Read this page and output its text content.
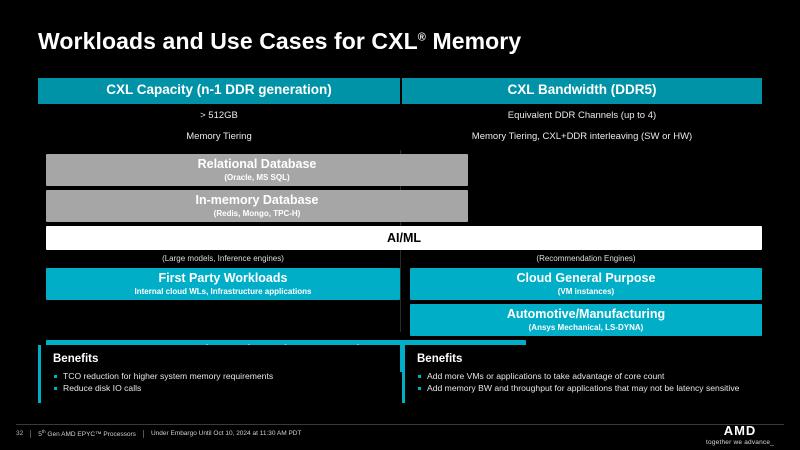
Workloads and Use Cases for CXL® Memory
CXL Capacity (n-1 DDR generation)	CXL Bandwidth (DDR5)
> 512GB	Equivalent DDR Channels (up to 4)
Memory Tiering	Memory Tiering, CXL+DDR interleaving (SW or HW)
Relational Database
(Oracle, MS SQL)
In-memory Database
(Redis, Mongo, TPC-H)
AI/ML
(Large models, Inference engines)	(Recommendation Engines)
First Party Workloads
Internal cloud WLs, Infrastructure applications
Cloud General Purpose
(VM instances)
Automotive/Manufacturing
(Ansys Mechanical, LS-DYNA)
Benefits
TCO reduction for higher system memory requirements
Reduce disk IO calls
Benefits
Add more VMs or applications to take advantage of core count
Add memory BW and throughput for applications that may not be latency sensitive
32 5th Gen AMD EPYC™ Processors Under Embargo Until Oct 10, 2024 at 11:30 AM PDT	AMD
together we advance_
